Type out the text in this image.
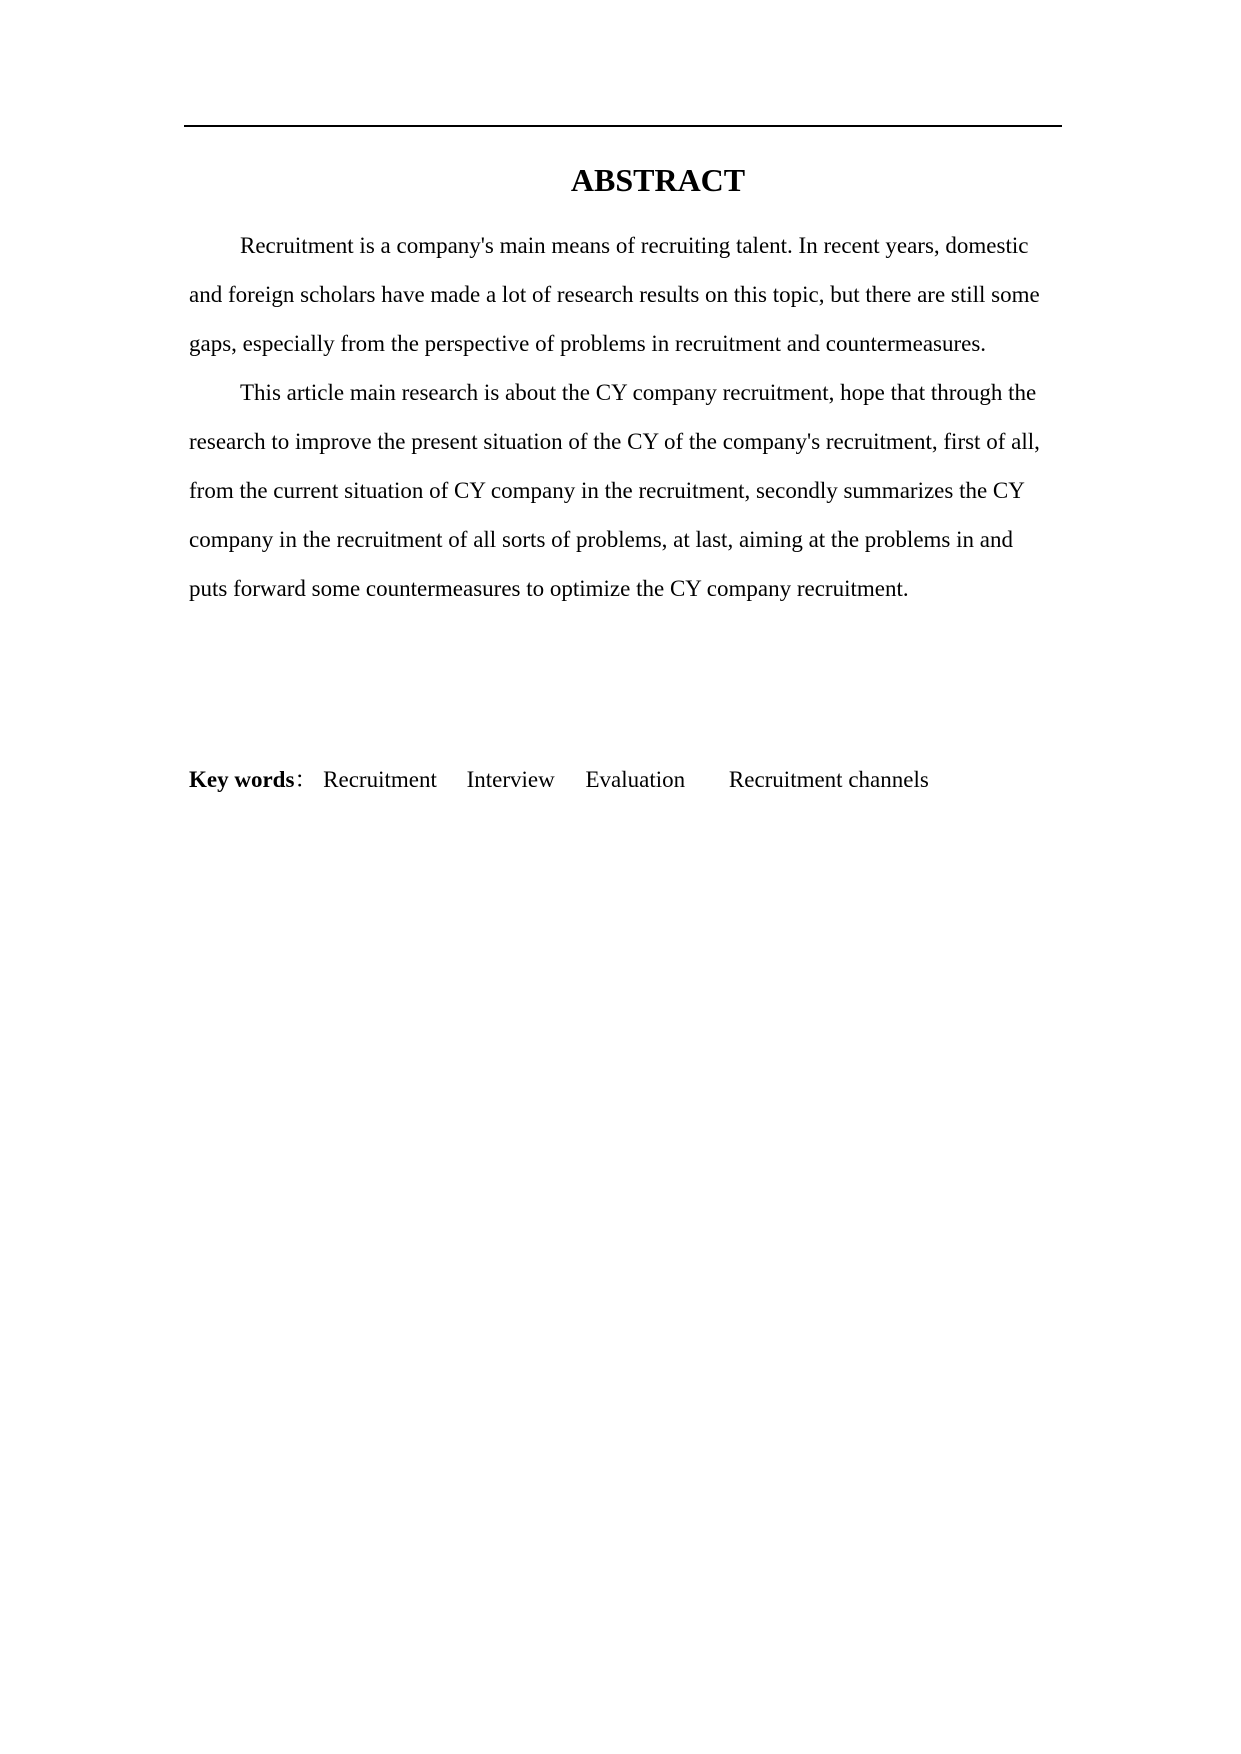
ABSTRACT

Recruitment is a company's main means of recruiting talent. In recent years, domestic and foreign scholars have made a lot of research results on this topic, but there are still some gaps, especially from the perspective of problems in recruitment and countermeasures.

This article main research is about the CY company recruitment, hope that through the research to improve the present situation of the CY of the company's recruitment, first of all, from the current situation of CY company in the recruitment, secondly summarizes the CY company in the recruitment of all sorts of problems, at last, aiming at the problems in and puts forward some countermeasures to optimize the CY company recruitment.

Key words： Recruitment Interview Evaluation Recruitment channels
